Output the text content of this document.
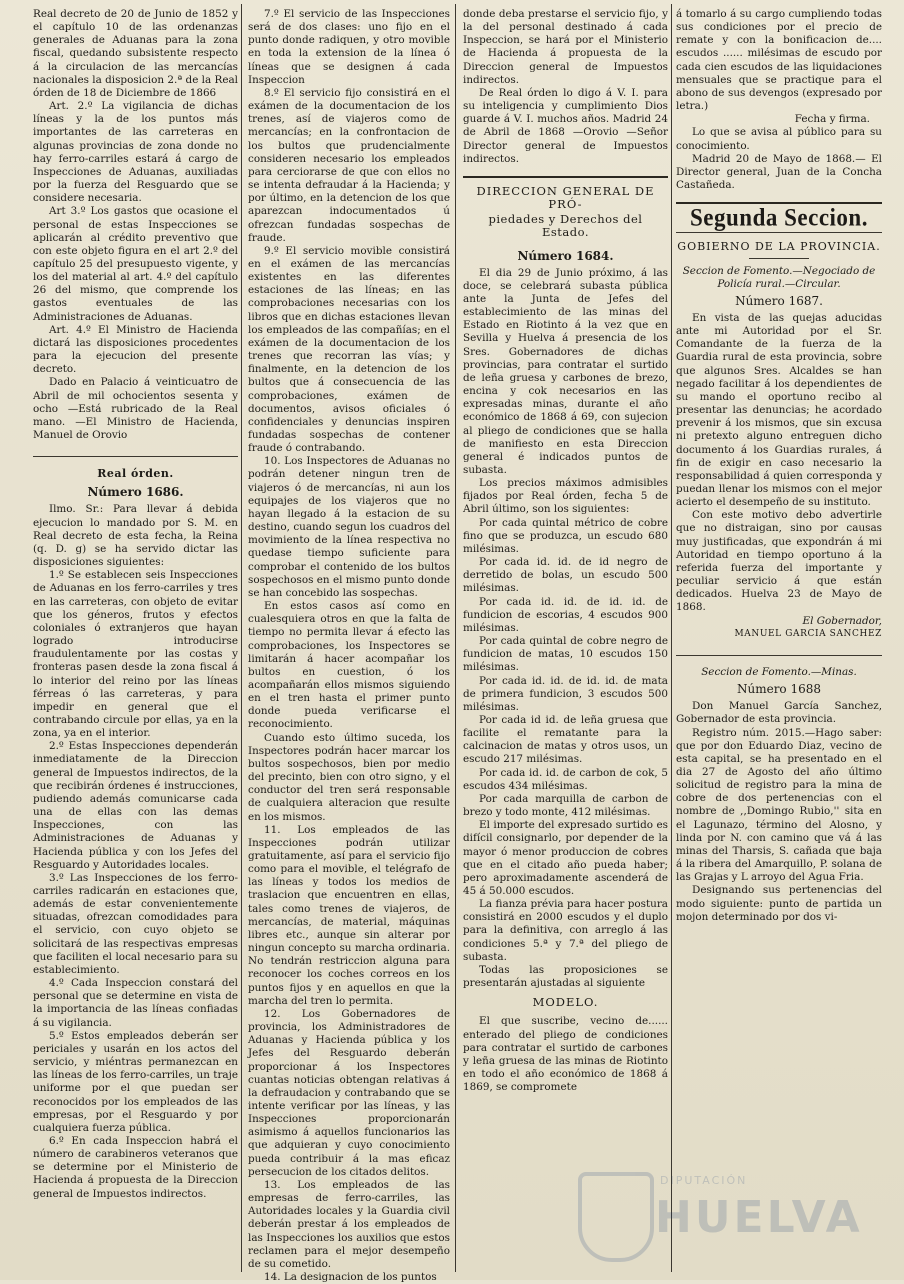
Real decreto de 20 de Junio de 1852 y el capítulo 10 de las ordenanzas generales de Aduanas para la zona fiscal, quedando subsistente respecto á la circulacion de las mercancías nacionales la disposicion 2.ª de la Real órden de 18 de Diciembre de 1866

Art. 2.º La vigilancia de dichas líneas y la de los puntos más importantes de las carreteras en algunas provincias de zona donde no hay ferro-carriles estará á cargo de Inspecciones de Aduanas, auxiliadas por la fuerza del Resguardo que se considere necesaria.

Art 3.º Los gastos que ocasione el personal de estas Inspecciones se aplicarán al crédito preventivo que con este objeto figura en el art 2.º del capítulo 25 del presupuesto vigente, y los del material al art. 4.º del capítulo 26 del mismo, que comprende los gastos eventuales de las Administraciones de Aduanas.

Art. 4.º El Ministro de Hacienda dictará las disposiciones procedentes para la ejecucion del presente decreto.

Dado en Palacio á veinticuatro de Abril de mil ochocientos sesenta y ocho —Está rubricado de la Real mano. —El Ministro de Hacienda, Manuel de Orovio

Real órden.
Número 1686.

Ilmo. Sr.: Para llevar á debida ejecucion lo mandado por S. M. en Real decreto de esta fecha, la Reina (q. D. g) se ha servido dictar las disposiciones siguientes:

1.º Se establecen seis Inspecciones de Aduanas en los ferro-carriles y tres en las carreteras, con objeto de evitar que los géneros, frutos y efectos coloniales ó extranjeros que hayan logrado introducirse fraudulentamente por las costas y fronteras pasen desde la zona fiscal á lo interior del reino por las líneas férreas ó las carreteras, y para impedir en general que el contrabando circule por ellas, ya en la zona, ya en el interior.

2.º Estas Inspecciones dependerán inmediatamente de la Direccion general de Impuestos indirectos, de la que recibirán órdenes é instrucciones, pudiendo además comunicarse cada una de ellas con las demas Inspecciones, con las Administraciones de Aduanas y Hacienda pública y con los Jefes del Resguardo y Autoridades locales.

3.º Las Inspecciones de los ferro-carriles radicarán en estaciones que, además de estar convenientemente situadas, ofrezcan comodidades para el servicio, con cuyo objeto se solicitará de las respectivas empresas que faciliten el local necesario para su establecimiento.

4.º Cada Inspeccion constará del personal que se determine en vista de la importancia de las líneas confiadas á su vigilancia.

5.º Estos empleados deberán ser periciales y usarán en los actos del servicio, y miéntras permanezcan en las líneas de los ferro-carriles, un traje uniforme por el que puedan ser reconocidos por los empleados de las empresas, por el Resguardo y por cualquiera fuerza pública.

6.º En cada Inspeccion habrá el número de carabineros veteranos que se determine por el Ministerio de Hacienda á propuesta de la Direccion general de Impuestos indirectos.

7.º El servicio de las Inspecciones será de dos clases: uno fijo en el punto donde radiquen, y otro movible en toda la extension de la línea ó líneas que se designen á cada Inspeccion

8.º El servicio fijo consistirá en el exámen de la documentacion de los trenes, así de viajeros como de mercancías; en la confrontacion de los bultos que prudencialmente consideren necesario los empleados para cerciorarse de que con ellos no se intenta defraudar á la Hacienda; y por último, en la detencion de los que aparezcan indocumentados ú ofrezcan fundadas sospechas de fraude.

9.º El servicio movible consistirá en el exámen de las mercancías existentes en las diferentes estaciones de las líneas; en las comprobaciones necesarias con los libros que en dichas estaciones llevan los empleados de las compañías; en el exámen de la documentacion de los trenes que recorran las vías; y finalmente, en la detencion de los bultos que á consecuencia de las comprobaciones, exámen de documentos, avisos oficiales ó confidenciales y denuncias inspiren fundadas sospechas de contener fraude ó contrabando.

10. Los Inspectores de Aduanas no podrán detener ningun tren de viajeros ó de mercancías, ni aun los equipajes de los viajeros que no hayan llegado á la estacion de su destino, cuando segun los cuadros del movimiento de la línea respectiva no quedase tiempo suficiente para comprobar el contenido de los bultos sospechosos en el mismo punto donde se han concebido las sospechas.

En estos casos así como en cualesquiera otros en que la falta de tiempo no permita llevar á efecto las comprobaciones, los Inspectores se limitarán á hacer acompañar los bultos en cuestion, ó los acompañarán ellos mismos siguiendo en el tren hasta el primer punto donde pueda verificarse el reconocimiento.

Cuando esto último suceda, los Inspectores podrán hacer marcar los bultos sospechosos, bien por medio del precinto, bien con otro signo, y el conductor del tren será responsable de cualquiera alteracion que resulte en los mismos.

11. Los empleados de las Inspecciones podrán utilizar gratuitamente, así para el servicio fijo como para el movible, el telégrafo de las líneas y todos los medios de traslacion que encuentren en ellas, tales como trenes de viajeros, de mercancías, de material, máquinas libres etc., aunque sin alterar por ningun concepto su marcha ordinaria. No tendrán restriccion alguna para reconocer los coches correos en los puntos fijos y en aquellos en que la marcha del tren lo permita.

12. Los Gobernadores de provincia, los Administradores de Aduanas y Hacienda pública y los Jefes del Resguardo deberán proporcionar á los Inspectores cuantas noticias obtengan relativas á la defraudacion y contrabando que se intente verificar por las líneas, y las Inspecciones proporcionarán asimismo á aquellos funcionarios las que adquieran y cuyo conocimiento pueda contribuir á la mas eficaz persecucion de los citados delitos.

13. Los empleados de las empresas de ferro-carriles, las Autoridades locales y la Guardia civil deberán prestar á los empleados de las Inspecciones los auxilios que estos reclamen para el mejor desempeño de su cometido.

14. La designacion de los puntos

donde deba prestarse el servicio fijo, y la del personal destinado á cada Inspeccion, se hará por el Ministerio de Hacienda á propuesta de la Direccion general de Impuestos indirectos.

De Real órden lo digo á V. I. para su inteligencia y cumplimiento Dios guarde á V. I. muchos años. Madrid 24 de Abril de 1868 —Orovio —Señor Director general de Impuestos indirectos.

DIRECCION GENERAL DE PRÓ-
piedades y Derechos del Estado.
Número 1684.

El dia 29 de Junio próximo, á las doce, se celebrará subasta pública ante la Junta de Jefes del establecimiento de las minas del Estado en Riotinto á la vez que en Sevilla y Huelva á presencia de los Sres. Gobernadores de dichas provincias, para contratar el surtido de leña gruesa y carbones de brezo, encina y cok necesarios en las expresadas minas, durante el año económico de 1868 á 69, con sujecion al pliego de condiciones que se halla de manifiesto en esta Direccion general é indicados puntos de subasta.

Los precios máximos admisibles fijados por Real órden, fecha 5 de Abril último, son los siguientes:

Por cada quintal métrico de cobre fino que se produzca, un escudo 680 milésimas.

Por cada id. id. de id negro de derretido de bolas, un escudo 500 milésimas.

Por cada id. id. de id. id. de fundicion de escorias, 4 escudos 900 milésimas.

Por cada quintal de cobre negro de fundicion de matas, 10 escudos 150 milésimas.

Por cada id. id. de id. id. de mata de primera fundicion, 3 escudos 500 milésimas.

Por cada id id. de leña gruesa que facilite el rematante para la calcinacion de matas y otros usos, un escudo 217 milésimas.

Por cada id. id. de carbon de cok, 5 escudos 434 milésimas.

Por cada marquilla de carbon de brezo y todo monte, 412 milésimas.

El importe del expresado surtido es difícil consignarlo, por depender de la mayor ó menor produccion de cobres que en el citado año pueda haber; pero aproximadamente ascenderá de 45 á 50.000 escudos.

La fianza prévia para hacer postura consistirá en 2000 escudos y el duplo para la definitiva, con arreglo á las condiciones 5.ª y 7.ª del pliego de subasta.

Todas las proposiciones se presentarán ajustadas al siguiente

MODELO.

El que suscribe, vecino de...... enterado del pliego de condiciones para contratar el surtido de carbones y leña gruesa de las minas de Riotinto en todo el año económico de 1868 á 1869, se compromete

á tomarlo á su cargo cumpliendo todas sus condiciones por el precio de remate y con la bonificacion de.... escudos ...... milésimas de escudo por cada cien escudos de las liquidaciones mensuales que se practique para el abono de sus devengos (expresado por letra.)

Fecha y firma.

Lo que se avisa al público para su conocimiento.

Madrid 20 de Mayo de 1868.— El Director general, Juan de la Concha Castañeda.

Segunda Seccion.
GOBIERNO DE LA PROVINCIA.
Seccion de Fomento.—Negociado de Policía rural.—Circular.
Número 1687.

En vista de las quejas aducidas ante mi Autoridad por el Sr. Comandante de la fuerza de la Guardia rural de esta provincia, sobre que algunos Sres. Alcaldes se han negado facilitar á los dependientes de su mando el oportuno recibo al presentar las denuncias; he acordado prevenir á los mismos, que sin excusa ni pretexto alguno entreguen dicho documento á los Guardias rurales, á fin de exigir en caso necesario la responsabilidad á quien corresponda y puedan llenar los mismos con el mejor acierto el desempeño de su instituto.

Con este motivo debo advertirle que no distraigan, sino por causas muy justificadas, que expondrán á mi Autoridad en tiempo oportuno á la referida fuerza del importante y peculiar servicio á que están dedicados. Huelva 23 de Mayo de 1868.

El Gobernador,

MANUEL GARCIA SANCHEZ

Seccion de Fomento.—Minas.
Número 1688

Don Manuel García Sanchez, Gobernador de esta provincia.

Registro núm. 2015.—Hago saber: que por don Eduardo Diaz, vecino de esta capital, se ha presentado en el dia 27 de Agosto del año último solicitud de registro para la mina de cobre de dos pertenencias con el nombre de ,,Domingo Rubio,'' sita en el Lagunazo, término del Alosno, y linda por N. con camino que vá á las minas del Tharsis, S. cañada que baja á la ribera del Amarquillo, P. solana de las Grajas y L arroyo del Agua Fria.

Designando sus pertenencias del modo siguiente: punto de partida un mojon determinado por dos vi-

DIPUTACIÓN
HUELVA
